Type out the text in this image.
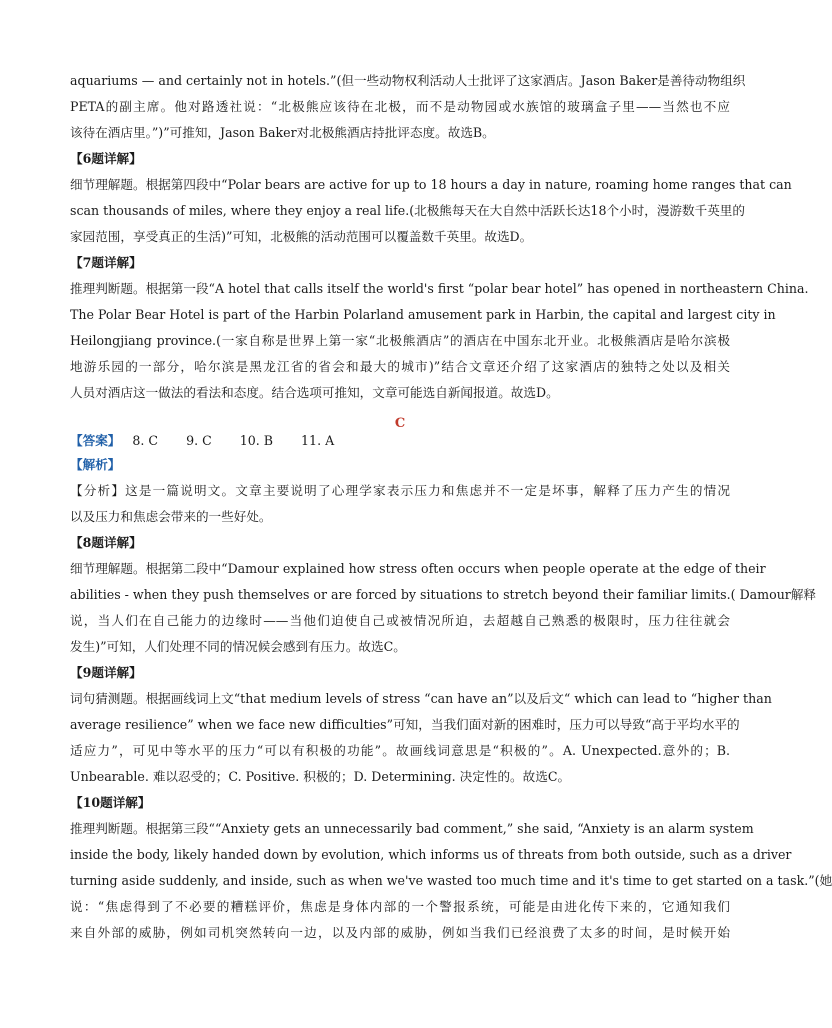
aquariums — and certainly not in hotels.”(但一些动物权利活动人士批评了这家酒店。Jason Baker是善待动物组织
PETA的副主席。他对路透社说：“北极熊应该待在北极，而不是动物园或水族馆的玻璃盒子里——当然也不应
该待在酒店里。”)”可推知，Jason Baker对北极熊酒店持批评态度。故选B。
【6题详解】
细节理解题。根据第四段中“Polar bears are active for up to 18 hours a day in nature, roaming home ranges that can
scan thousands of miles, where they enjoy a real life.(北极熊每天在大自然中活跃长达18个小时，漫游数千英里的
家园范围，享受真正的生活)”可知，北极熊的活动范围可以覆盖数千英里。故选D。
【7题详解】
推理判断题。根据第一段“A hotel that calls itself the world's first “polar bear hotel” has opened in northeastern China.
The Polar Bear Hotel is part of the Harbin Polarland amusement park in Harbin, the capital and largest city in
Heilongjiang province.(一家自称是世界上第一家“北极熊酒店”的酒店在中国东北开业。北极熊酒店是哈尔滨极
地游乐园的一部分，哈尔滨是黑龙江省的省会和最大的城市)”结合文章还介绍了这家酒店的独特之处以及相关
人员对酒店这一做法的看法和态度。结合选项可推知，文章可能选自新闻报道。故选D。
C
【答案】 8. C 9. C 10. B 11. A
【解析】
【分析】这是一篇说明文。文章主要说明了心理学家表示压力和焦虑并不一定是坏事，解释了压力产生的情况
以及压力和焦虑会带来的一些好处。
【8题详解】
细节理解题。根据第二段中“Damour explained how stress often occurs when people operate at the edge of their
abilities - when they push themselves or are forced by situations to stretch beyond their familiar limits.( Damour解释
说，当人们在自己能力的边缘时——当他们迫使自己或被情况所迫，去超越自己熟悉的极限时，压力往往就会
发生)”可知，人们处理不同的情况候会感到有压力。故选C。
【9题详解】
词句猜测题。根据画线词上文“that medium levels of stress “can have an”以及后文“ which can lead to “higher than
average resilience” when we face new difficulties”可知，当我们面对新的困难时，压力可以导致“高于平均水平的
适应力”，可见中等水平的压力“可以有积极的功能”。故画线词意思是“积极的”。A. Unexpected.意外的；B.
Unbearable. 难以忍受的；C. Positive. 积极的；D. Determining. 决定性的。故选C。
【10题详解】
推理判断题。根据第三段““Anxiety gets an unnecessarily bad comment,” she said, “Anxiety is an alarm system
inside the body, likely handed down by evolution, which informs us of threats from both outside, such as a driver
turning aside suddenly, and inside, such as when we've wasted too much time and it's time to get started on a task.”(她
说：“焦虑得到了不必要的糟糕评价，焦虑是身体内部的一个警报系统，可能是由进化传下来的，它通知我们
来自外部的威胁，例如司机突然转向一边，以及内部的威胁，例如当我们已经浪费了太多的时间，是时候开始
